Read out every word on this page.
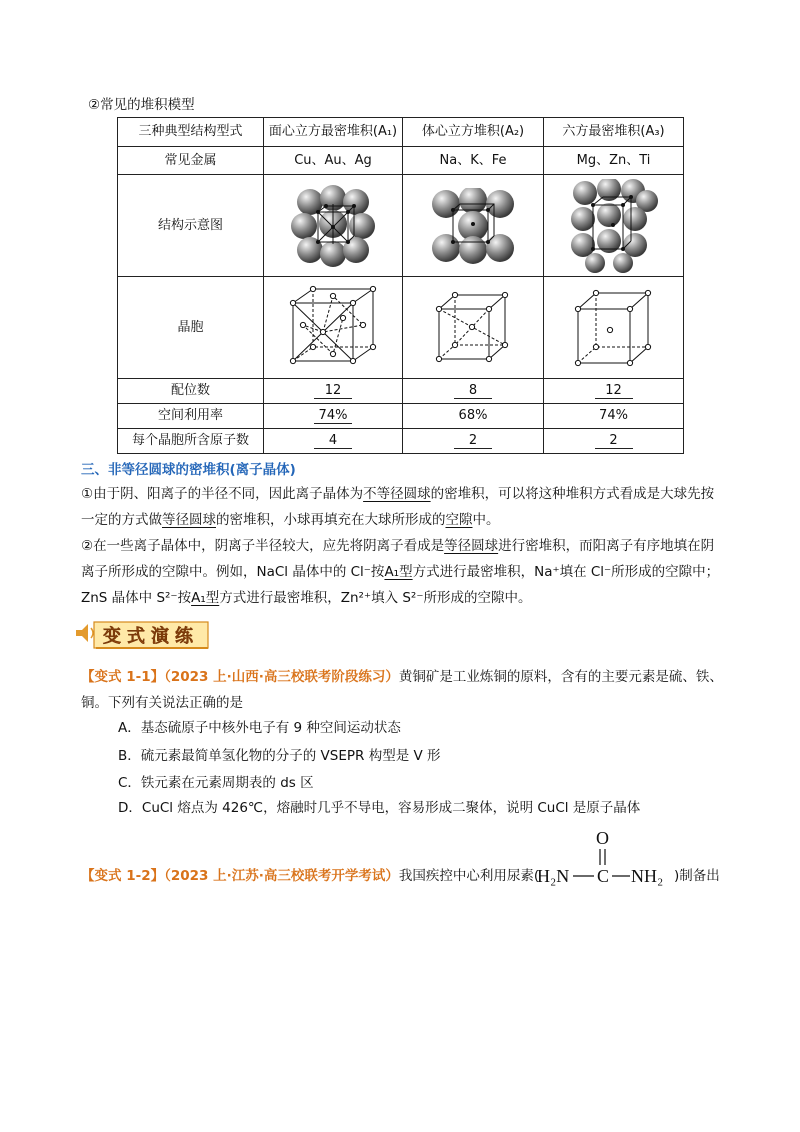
②常见的堆积模型
三种典型结构型式	面心立方最密堆积(A₁)	体心立方堆积(A₂)	六方最密堆积(A₃)
常见金属	Cu、Au、Ag	Na、K、Fe	Mg、Zn、Ti
结构示意图	

晶胞	

配位数	12	8	12
空间利用率	74%	68%	74%
每个晶胞所含原子数	4	2	2
三、非等径圆球的密堆积(离子晶体)
①由于阴、阳离子的半径不同，因此离子晶体为不等径圆球的密堆积，可以将这种堆积方式看成是大球先按一定的方式做等径圆球的密堆积，小球再填充在大球所形成的空隙中。
②在一些离子晶体中，阴离子半径较大，应先将阴离子看成是等径圆球进行密堆积，而阳离子有序地填在阴离子所形成的空隙中。例如，NaCl 晶体中的 Cl⁻按A₁型方式进行最密堆积，Na⁺填在 Cl⁻所形成的空隙中；ZnS 晶体中 S²⁻按A₁型方式进行最密堆积，Zn²⁺填入 S²⁻所形成的空隙中。
变式演练
【变式 1-1】（2023 上·山西·高三校联考阶段练习）黄铜矿是工业炼铜的原料，含有的主要元素是硫、铁、铜。下列有关说法正确的是
A．基态硫原子中核外电子有 9 种空间运动状态
B．硫元素最简单氢化物的分子的 VSEPR 构型是 V 形
C．铁元素在元素周期表的 ds 区
D．CuCl 熔点为 426℃，熔融时几乎不导电，容易形成二聚体，说明 CuCl 是原子晶体
【变式 1-2】（2023 上·江苏·高三校联考开学考试）我国疾控中心利用尿素(
O
C
H₂N	NH₂ )制备出
